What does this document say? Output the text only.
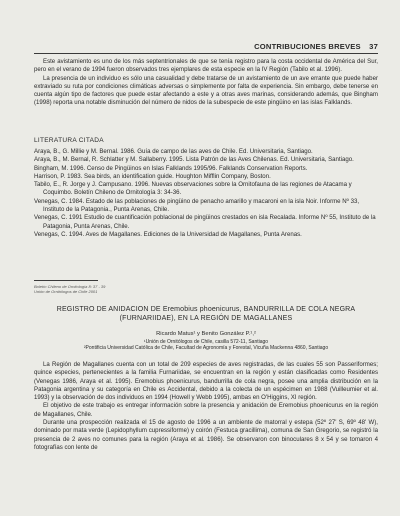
CONTRIBUCIONES BREVES 37

Este avistamiento es uno de los más septentrionales de que se tenía registro para la costa occidental de América del Sur, pero en el verano de 1994 fueron observados tres ejemplares de esta especie en la IV Región (Tabilo et al. 1996).

La presencia de un individuo es sólo una casualidad y debe tratarse de un avistamiento de un ave errante que puede haber extraviado su ruta por condiciones climáticas adversas o simplemente por falta de experiencia. Sin embargo, debe tenerse en cuenta algún tipo de factores que puede estar afectando a este y a otras aves marinas, considerando además, que Bingham (1998) reporta una notable disminución del número de nidos de la subespecie de este pingüino en las islas Falklands.

LITERATURA CITADA

Araya, B., G. Millie y M. Bernal. 1986. Guía de campo de las aves de Chile. Ed. Universitaria, Santiago.

Araya, B., M. Bernal, R. Schlatter y M. Sallaberry. 1995. Lista Patrón de las Aves Chilenas. Ed. Universitaria, Santiago.

Bingham, M. 1996. Censo de Pingüinos en Islas Falklands 1995/96. Falklands Conservation Reports.

Harrison, P. 1983. Sea birds, an identification guide. Houghton Mifflin Company, Boston.

Tabilo, E., R. Jorge y J. Campusano. 1996. Nuevas observaciones sobre la Ornitofauna de las regiones de Atacama y Coquimbo. Boletín Chileno de Ornitología 3: 34-36.

Venegas, C. 1984. Estado de las poblaciones de pingüino de penacho amarillo y macaroni en la isla Noir. Informe Nº 33, Instituto de la Patagonia., Punta Arenas, Chile.

Venegas, C. 1991 Estudio de cuantificación poblacional de pingüinos crestados en isla Recalada. Informe Nº 55, Instituto de la Patagonia, Punta Arenas, Chile.

Venegas, C. 1994. Aves de Magallanes. Ediciones de la Universidad de Magallanes, Punta Arenas.

Boletín Chileno de Ornitología 8: 37 - 39
Unión de Ornitólogos de Chile 2001
REGISTRO DE ANIDACION DE Eremobius phoenicurus, BANDURRILLA DE COLA NEGRA
(FURNARIIDAE), EN LA REGIÓN DE MAGALLANES
Ricardo Matus¹ y Benito González P.¹,²
¹Unión de Ornitólogos de Chile, casilla 572-11, Santiago
²Pontificia Universidad Católica de Chile, Facultad de Agronomía y Forestal, Vicuña Mackenna 4860, Santiago

La Región de Magallanes cuenta con un total de 209 especies de aves registradas, de las cuales 55 son Passeriformes; quince especies, pertenecientes a la familia Furnariidae, se encuentran en la región y están clasificadas como Residentes (Venegas 1986, Araya et al. 1995). Eremobius phoenicurus, bandurrilla de cola negra, posee una amplia distribución en la Patagonia argentina y su categoría en Chile es Accidental, debido a la colecta de un espécimen en 1988 (Vuilleumier et al. 1993) y la observación de dos individuos en 1994 (Howell y Webb 1995), ambas en O'Higgins, XI región.

El objetivo de este trabajo es entregar información sobre la presencia y anidación de Eremobius phoenicurus en la región de Magallanes, Chile.

Durante una prospección realizada el 15 de agosto de 1996 a un ambiente de matorral y estepa (52º 27' S, 69º 48' W), dominado por mata verde (Lepidophyllum cupressiforme) y coirón (Festuca gracillima), comuna de San Gregorio, se registró la presencia de 2 aves no comunes para la región (Araya et al. 1986). Se observaron con binoculares 8 x 54 y se tomaron 4 fotografías con lente de
